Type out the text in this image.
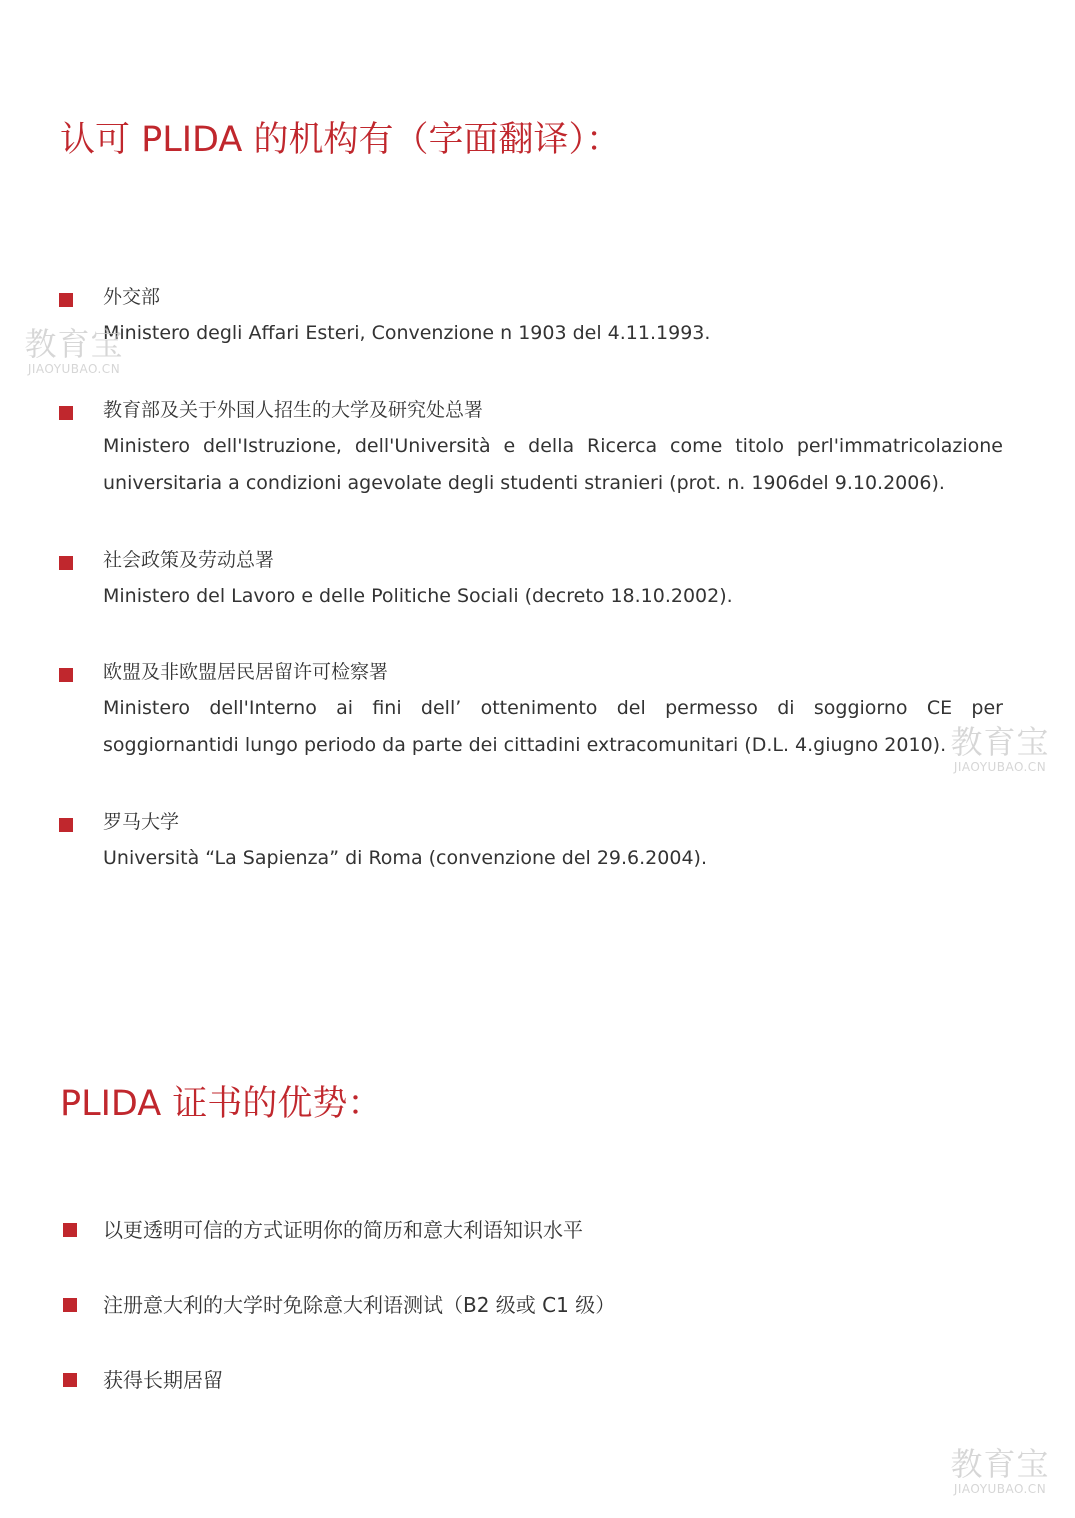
认可 PLIDA 的机构有（字面翻译）：
外交部
Ministero degli Affari Esteri, Convenzione n 1903 del 4.11.1993.
教育部及关于外国人招生的大学及研究处总署
Ministero dell'Istruzione, dell'Università e della Ricerca come titolo perl'immatricolazione
universitaria a condizioni agevolate degli studenti stranieri (prot. n. 1906del 9.10.2006).
社会政策及劳动总署
Ministero del Lavoro e delle Politiche Sociali (decreto 18.10.2002).
欧盟及非欧盟居民居留许可检察署
Ministero dell'Interno ai fini dell’ ottenimento del permesso di soggiorno CE per
soggiornantidi lungo periodo da parte dei cittadini extracomunitari (D.L. 4.giugno 2010).
罗马大学
Università “La Sapienza” di Roma (convenzione del 29.6.2004).
PLIDA 证书的优势：
以更透明可信的方式证明你的简历和意大利语知识水平
注册意大利的大学时免除意大利语测试（B2 级或 C1 级）
获得长期居留
教育宝
JIAOYUBAO.CN
教育宝
JIAOYUBAO.CN
教育宝
JIAOYUBAO.CN
